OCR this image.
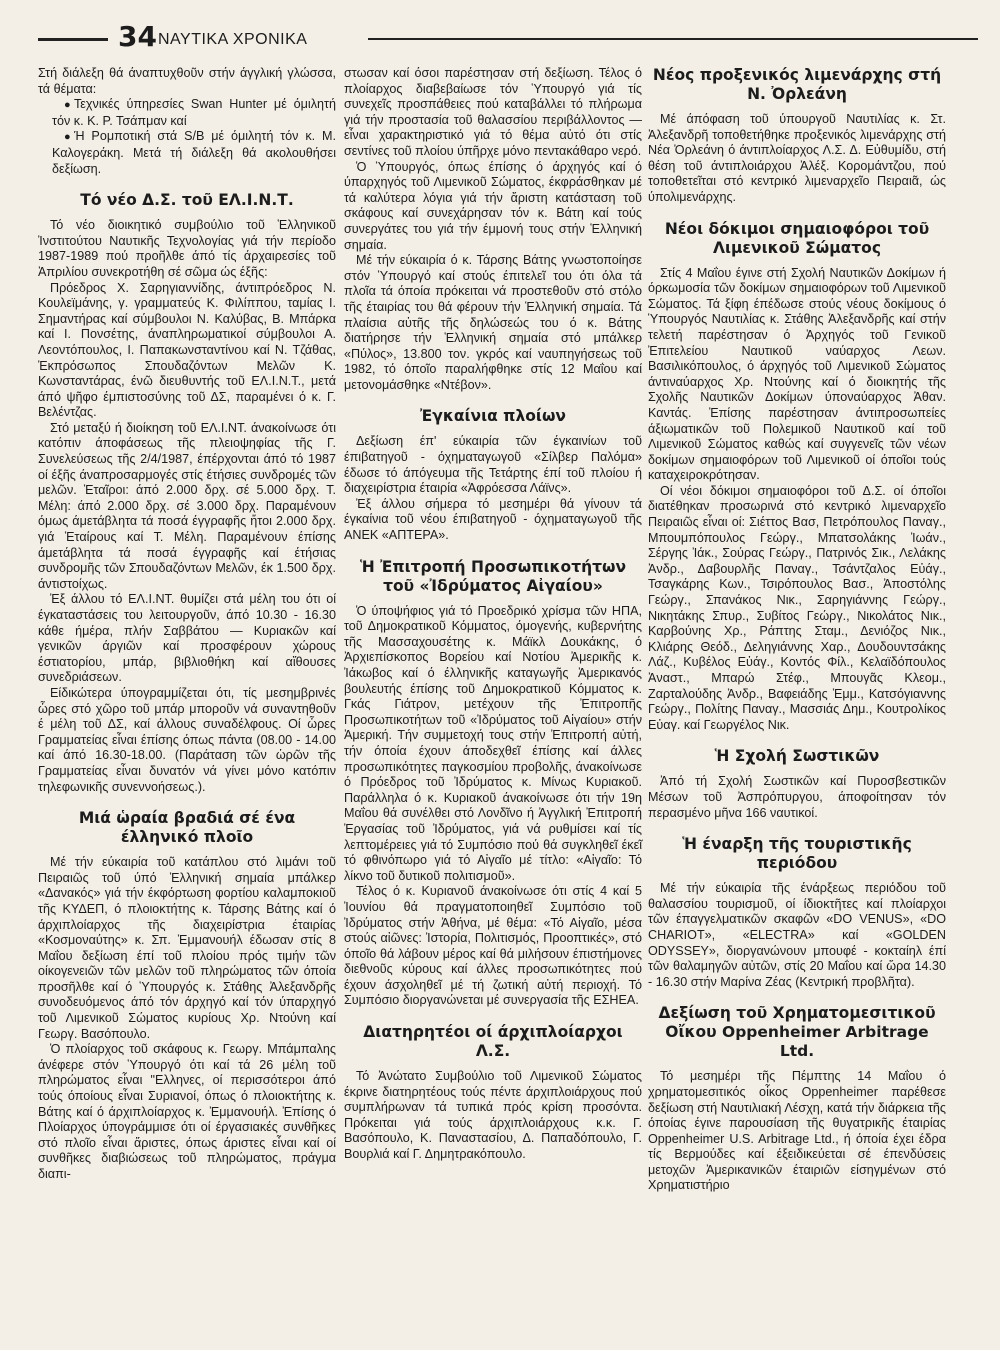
34 ΝΑΥΤΙΚΑ ΧΡΟΝΙΚΑ

Στή διάλεξη θά άναπτυχθοῦν στήν άγγλική γλώσσα, τά θέματα:

● Τεχνικές ύπηρεσίες Swan Hunter μέ όμιλητή τόν κ. Κ. Ρ. Τσάπμαν καί

● Ή Ρομποτική στά S/B μέ όμιλητή τόν κ. Μ. Καλογεράκη. Μετά τή διάλεξη θά ακολουθήσει δεξίωση.

Τό νέο Δ.Σ. τοῦ ΕΛ.Ι.Ν.Τ.

Τό νέο διοικητικό συμβούλιο τοῦ Ἑλληνικοῦ Ἰνστιτούτου Ναυτικῆς Τεχνολογίας γιά τήν περίοδο 1987-1989 πού προῆλθε άπό τίς άρχαιρεσίες τοῦ Ἀπριλίου συνεκροτήθη σέ σῶμα ώς έξῆς:

Πρόεδρος Χ. Σαρηγιαννίδης, άντιπρόεδρος Ν. Κουλεϊμάνης, γ. γραμματεύς Κ. Φιλίππου, ταμίας Ι. Σημαντήρας καί σύμβουλοι Ν. Καλύβας, Β. Μπάρκα καί Ι. Πονσέτης, άναπληρωματικοί σύμβουλοι Α. Λεοντόπουλος, Ι. Παπακωνσταντίνου καί Ν. Τζάθας, Ἐκπρόσωπος Σπουδαζόντων Μελῶν Κ. Κωνσταντάρας, ένῶ διευθυντής τοῦ ΕΛ.Ι.Ν.Τ., μετά άπό ψῆφο έμπιστοσύνης τοῦ ΔΣ, παραμένει ό κ. Γ. Βελέντζας.

Στό μεταξύ ή διοίκηση τοῦ ΕΛ.Ι.ΝΤ. άνακοίνωσε ότι κατόπιν άποφάσεως τῆς πλειοψηφίας τῆς Γ. Συνελεύσεως τῆς 2/4/1987, έπέρχονται άπό τό 1987 οί έξῆς άναπροσαρμογές στίς έτήσιες συνδρομές τῶν μελῶν. Ἑταῖροι: άπό 2.000 δρχ. σέ 5.000 δρχ. Τ. Μέλη: άπό 2.000 δρχ. σέ 3.000 δρχ. Παραμένουν όμως άμετάβλητα τά ποσά έγγραφῆς ἤτοι 2.000 δρχ. γιά Ἑταίρους καί Τ. Μέλη. Παραμένουν έπίσης άμετάβλητα τά ποσά έγγραφῆς καί έτήσιας συνδρομῆς τῶν Σπουδαζόντων Μελῶν, έκ 1.500 δρχ. άντιστοίχως.

Ἐξ άλλου τό ΕΛ.Ι.ΝΤ. θυμίζει στά μέλη του ότι οί έγκαταστάσεις του λειτουργοῦν, άπό 10.30 - 16.30 κάθε ήμέρα, πλήν Σαββάτου — Κυριακῶν καί γενικῶν άργιῶν καί προσφέρουν χώρους έστιατορίου, μπάρ, βιβλιοθήκη καί αἴθουσες συνεδριάσεων.

Είδικώτερα ύπογραμμίζεται ότι, τίς μεσημβρινές ὧρες στό χῶρο τοῦ μπάρ μποροῦν νά συναντηθοῦν έ μέλη τοῦ ΔΣ, καί άλλους συναδέλφους. Οί ὧρες Γραμματείας εἶναι έπίσης όπως πάντα (08.00 - 14.00 καί άπό 16.30-18.00. (Παράταση τῶν ὡρῶν τῆς Γραμματείας εἶναι δυνατόν νά γίνει μόνο κατόπιν τηλεφωνικῆς συνεννοήσεως.).

Μιά ὡραία βραδιά σέ ένα έλληνικό πλοῖο

Μέ τήν εύκαιρία τοῦ κατάπλου στό λιμάνι τοῦ Πειραιῶς τοῦ ύπό Ἑλληνική σημαία μπάλκερ «Δανακός» γιά τήν έκφόρτωση φορτίου καλαμποκιοῦ τῆς ΚΥΔΕΠ, ό πλοιοκτήτης κ. Τάρσης Βάτης καί ό άρχιπλοίαρχος τῆς διαχειρίστρια έταιρίας «Κοσμοναύτης» κ. Σπ. Ἐμμανουήλ έδωσαν στίς 8 Μαΐου δεξίωση έπί τοῦ πλοίου πρός τιμήν τῶν οίκογενειῶν τῶν μελῶν τοῦ πληρώματος τῶν όποία προσῆλθε καί ό Ὑπουργός κ. Στάθης Ἀλεξανδρῆς συνοδευόμενος άπό τόν άρχηγό καί τόν ύπαρχηγό τοῦ Λιμενικοῦ Σώματος κυρίους Χρ. Ντούνη καί Γεωργ. Βασόπουλο.

Ὁ πλοίαρχος τοῦ σκάφους κ. Γεωργ. Μπάμπαλης άνέφερε στόν Ὑπουργό ότι καί τά 26 μέλη τοῦ πληρώματος εἶναι "Ελληνες, οί περισσότεροι άπό τούς όποίους εἶναι Συριανοί, όπως ό πλοιοκτήτης κ. Βάτης καί ό άρχιπλοίαρχος κ. Ἐμμανουήλ. Ἐπίσης ό Πλοίαρχος ύπογράμμισε ότι οί έργασιακές συνθῆκες στό πλοῖο εἶναι ἄριστες, όπως άριστες εἶναι καί οί συνθῆκες διαβιώσεως τοῦ πληρώματος, πράγμα διαπι-

στωσαν καί όσοι παρέστησαν στή δεξίωση. Τέλος ό πλοίαρχος διαβεβαίωσε τόν Ὑπουργό γιά τίς συνεχεῖς προσπάθειες πού καταβάλλει τό πλήρωμα γιά τήν προστασία τοῦ θαλασσίου περιβάλλοντος — εἶναι χαρακτηριστικό γιά τό θέμα αὐτό ότι στίς σεντίνες τοῦ πλοίου ύπῆρχε μόνο πεντακάθαρο νερό.

Ὁ Ὑπουργός, όπως έπίσης ό άρχηγός καί ό ύπαρχηγός τοῦ Λιμενικοῦ Σώματος, έκφράσθηκαν μέ τά καλύτερα λόγια γιά τήν ἄριστη κατάσταση τοῦ σκάφους καί συνεχάρησαν τόν κ. Βάτη καί τούς συνεργάτες του γιά τήν έμμονή τους στήν Ἑλληνική σημαία.

Μέ τήν εύκαιρία ό κ. Τάρσης Βάτης γνωστοποίησε στόν Ὑπουργό καί στούς έπιτελεῖ του ότι όλα τά πλοῖα τά όποία πρόκειται νά προστεθοῦν στό στόλο τῆς έταιρίας του θά φέρουν τήν Ἑλληνική σημαία. Τά πλαίσια αὐτῆς τῆς δηλώσεώς του ό κ. Βάτης διατήρησε τήν Ἑλληνική σημαία στό μπάλκερ «Πύλος», 13.800 τον. γκρός καί ναυπηγήσεως τοῦ 1982, τό όποῖο παραλήφθηκε στίς 12 Μαΐου καί μετονομάσθηκε «Ντέβον».

Ἐγκαίνια πλοίων

Δεξίωση έπ' εύκαιρία τῶν έγκαινίων τοῦ έπιβατηγοῦ - όχηματαγωγοῦ «Σίλβερ Παλόμα» έδωσε τό άπόγευμα τῆς Τετάρτης έπί τοῦ πλοίου ή διαχειρίστρια έταιρία «Ἀφρόεσσα Λάϊνς».

Ἐξ άλλου σήμερα τό μεσημέρι θά γίνουν τά έγκαίνια τοῦ νέου έπιβατηγοῦ - όχηματαγωγοῦ τῆς ΑΝΕΚ «ΑΠΤΕΡΑ».

Ἡ Ἐπιτροπή Προσωπικοτήτων τοῦ «Ἰδρύματος Αἰγαίου»

Ὁ ύποψήφιος γιά τό Προεδρικό χρίσμα τῶν ΗΠΑ, τοῦ Δημοκρατικοῦ Κόμματος, όμογενής, κυβερνήτης τῆς Μασσαχουσέτης κ. Μάϊκλ Δουκάκης, ό Ἀρχιεπίσκοπος Βορείου καί Νοτίου Ἀμερικῆς κ. Ἰάκωβος καί ό έλληνικῆς καταγωγῆς Ἀμερικανός βουλευτής έπίσης τοῦ Δημοκρατικοῦ Κόμματος κ. Γκάς Γιάτρον, μετέχουν τῆς Ἐπιτροπῆς Προσωπικοτήτων τοῦ «Ἰδρύματος τοῦ Αἰγαίου» στήν Ἀμερική. Τήν συμμετοχή τους στήν Ἐπιτροπή αὐτή, τήν όποία έχουν άποδεχθεῖ έπίσης καί άλλες προσωπικότητες παγκοσμίου προβολῆς, άνακοίνωσε ό Πρόεδρος τοῦ Ἰδρύματος κ. Μίνως Κυριακοῦ. Παράλληλα ό κ. Κυριακοῦ άνακοίνωσε ότι τήν 19η Μαΐου θά συνέλθει στό Λονδῖνο ή Ἀγγλική Ἐπιτροπή Ἐργασίας τοῦ Ἰδρύματος, γιά νά ρυθμίσει καί τίς λεπτομέρειες γιά τό Συμπόσιο πού θά συγκληθεῖ έκεῖ τό φθινόπωρο γιά τό Αἰγαῖο μέ τίτλο: «Αἰγαῖο: Τό λίκνο τοῦ δυτικοῦ πολιτισμοῦ».

Τέλος ό κ. Κυριανοῦ άνακοίνωσε ότι στίς 4 καί 5 Ἰουνίου θά πραγματοποιηθεῖ Συμπόσιο τοῦ Ἰδρύματος στήν Ἀθήνα, μέ θέμα: «Τό Αἰγαῖο, μέσα στούς αἰῶνες: Ἰστορία, Πολιτισμός, Προοπτικές», στό όποῖο θά λάβουν μέρος καί θά μιλήσουν έπιστήμονες διεθνοῦς κύρους καί άλλες προσωπικότητες πού έχουν άσχοληθεῖ μέ τή ζωτική αὐτή περιοχή. Τό Συμπόσιο διοργανώνεται μέ συνεργασία τῆς ΕΣΗΕΑ.

Διατηρητέοι οί άρχιπλοίαρχοι Λ.Σ.

Τό Ἀνώτατο Συμβούλιο τοῦ Λιμενικοῦ Σώματος έκρινε διατηρητέους τούς πέντε άρχιπλοιάρχους πού συμπλήρωναν τά τυπικά πρός κρίση προσόντα. Πρόκειται γιά τούς άρχιπλοιάρχους κ.κ. Γ. Βασόπουλο, Κ. Παναστασίου, Δ. Παπαδόπουλο, Γ. Βουρλιά καί Γ. Δημητρακόπουλο.

Νέος προξενικός λιμενάρχης στή Ν. Ὀρλεάνη

Μέ άπόφαση τοῦ ύπουργοῦ Ναυτιλίας κ. Στ. Ἀλεξανδρῆ τοποθετήθηκε προξενικός λιμενάρχης στή Νέα Ὀρλεάνη ό άντιπλοίαρχος Λ.Σ. Δ. Εὐθυμίδυ, στή θέση τοῦ άντιπλοιάρχου Ἀλέξ. Κορομάντζου, πού τοποθετεῖται στό κεντρικό λιμεναρχεῖο Πειραιᾶ, ώς ύπολιμενάρχης.

Νέοι δόκιμοι σημαιοφόροι τοῦ Λιμενικοῦ Σώματος

Στίς 4 Μαΐου έγινε στή Σχολή Ναυτικῶν Δοκίμων ή όρκωμοσία τῶν δοκίμων σημαιοφόρων τοῦ Λιμενικοῦ Σώματος. Τά ξίφη έπέδωσε στούς νέους δοκίμους ό Ὑπουργός Ναυτιλίας κ. Στάθης Ἀλεξανδρῆς καί στήν τελετή παρέστησαν ό Ἀρχηγός τοῦ Γενικοῦ Ἐπιτελείου Ναυτικοῦ ναύαρχος Λεων. Βασιλικόπουλος, ό άρχηγός τοῦ Λιμενικοῦ Σώματος άντιναύαρχος Χρ. Ντούνης καί ό διοικητής τῆς Σχολῆς Ναυτικῶν Δοκίμων ύποναύαρχος Ἀθαν. Καντάς. Ἐπίσης παρέστησαν άντιπροσωπείες άξιωματικῶν τοῦ Πολεμικοῦ Ναυτικοῦ καί τοῦ Λιμενικοῦ Σώματος καθώς καί συγγενεῖς τῶν νέων δοκίμων σημαιοφόρων τοῦ Λιμενικοῦ οί όποῖοι τούς καταχειροκρότησαν.

Οί νέοι δόκιμοι σημαιοφόροι τοῦ Δ.Σ. οί όποῖοι διατέθηκαν προσωρινά στό κεντρικό λιμεναρχεῖο Πειραιῶς εἶναι οί: Σιέττος Βασ, Πετρόπουλος Παναγ., Μπουμπόπουλος Γεώργ., Μπατσολάκης Ἰωάν., Σέργης Ἰάκ., Σούρας Γεώργ., Πατρινός Σικ., Λελάκης Ἀνδρ., Δαβουρλῆς Παναγ., Τσάντζαλος Εὐάγ., Τσαγκάρης Κων., Τσιρόπουλος Βασ., Ἀποστόλης Γεώργ., Σπανάκος Νικ., Σαρηγιάννης Γεώργ., Νικητάκης Σπυρ., Συβίτος Γεώργ., Νικολάτος Νικ., Καρβούνης Χρ., Ράπτης Σταμ., Δενιόζος Νικ., Κλιάρης Θεόδ., Δεληγιάννης Χαρ., Δουδουντσάκης Λάζ., Κυβέλος Εὐάγ., Κοντός Φίλ., Κελαϊδόπουλος Ἀναστ., Μπαρώ Στέφ., Μπουγᾶς Κλεομ., Ζαρταλούδης Ἀνδρ., Βαφειάδης Ἐμμ., Κατσόγιαννης Γεώργ., Πολίτης Παναγ., Μασσιάς Δημ., Κουτρολίκος Εὐαγ. καί Γεωργέλος Νικ.

Ἡ Σχολή Σωστικῶν

Ἀπό τή Σχολή Σωστικῶν καί Πυροσβεστικῶν Μέσων τοῦ Ἀσπρόπυργου, άποφοίτησαν τόν περασμένο μῆνα 166 ναυτικοί.

Ἡ έναρξη τῆς τουριστικῆς περιόδου

Μέ τήν εύκαιρία τῆς ένάρξεως περιόδου τοῦ θαλασσίου τουρισμοῦ, οί ίδιοκτῆτες καί πλοίαρχοι τῶν έπαγγελματικῶν σκαφῶν «DO VENUS», «DO CHARIOT», «ELECTRA» καί «GOLDEN ODYSSEY», διοργανώνουν μπουφέ - κοκταίηλ έπί τῶν θαλαμηγῶν αὐτῶν, στίς 20 Μαΐου καί ὥρα 14.30 - 16.30 στήν Μαρίνα Ζέας (Κεντρική προβλῆτα).

Δεξίωση τοῦ Χρηματομεσιτικοῦ Οἴκου Oppenheimer Arbitrage Ltd.

Τό μεσημέρι τῆς Πέμπτης 14 Μαΐου ό χρηματομεσιτικός οἶκος Oppenheimer παρέθεσε δεξίωση στή Ναυτιλιακή Λέσχη, κατά τήν διάρκεια τῆς όποίας έγινε παρουσίαση τῆς θυγατρικῆς έταιρίας Oppenheimer U.S. Arbitrage Ltd., ή όποία έχει έδρα τίς Βερμούδες καί έξειδικεύεται σέ έπενδύσεις μετοχῶν Ἀμερικανικῶν έταιριῶν είσηγμένων στό Χρηματιστήριο
